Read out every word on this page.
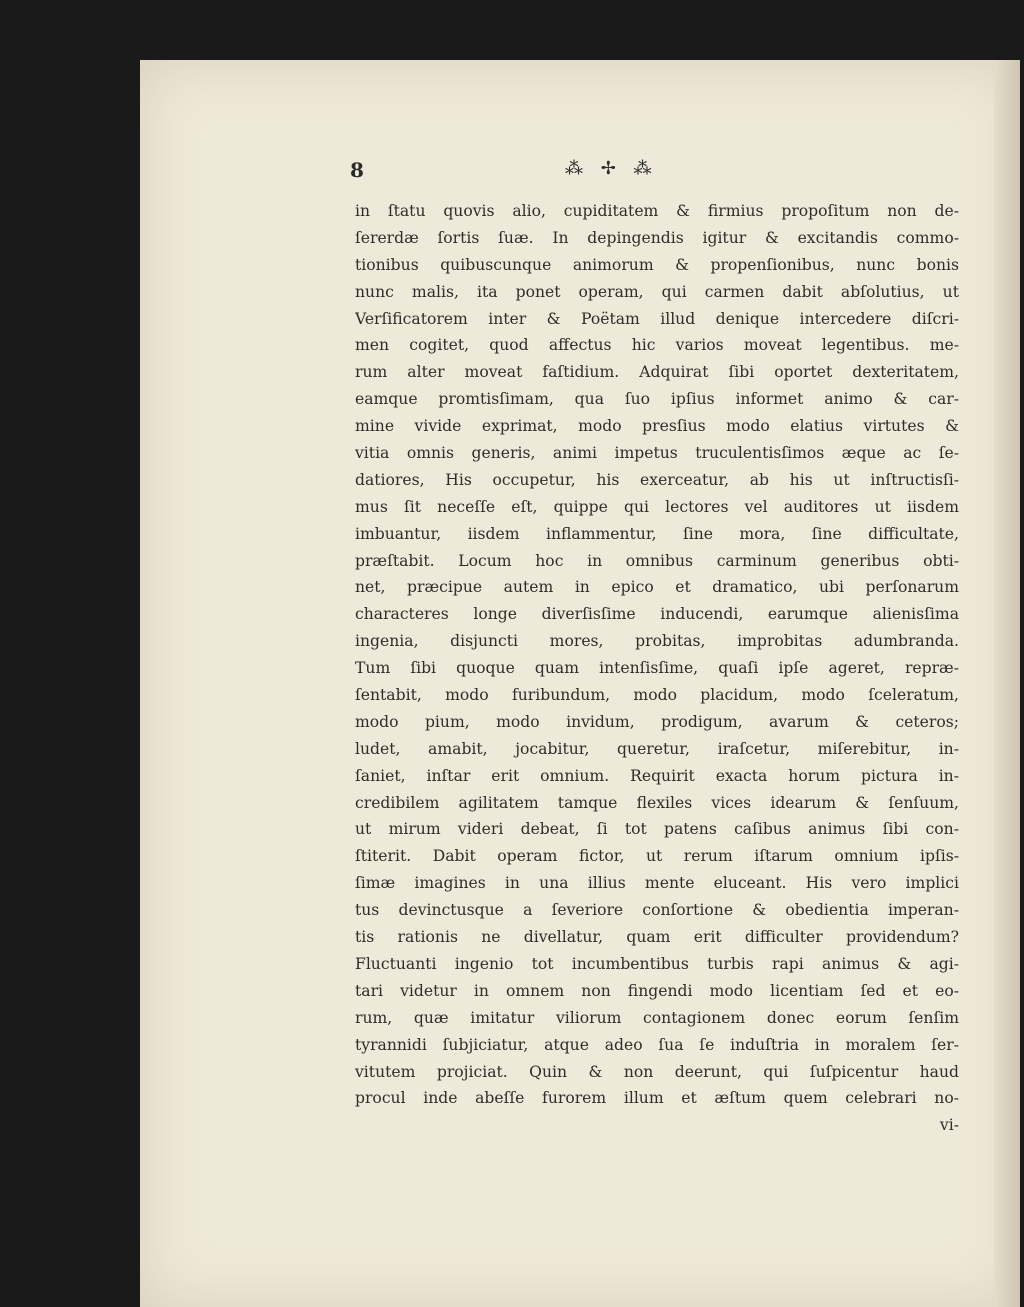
8	⁂ ✢ ⁂
in ſtatu quovis alio, cupiditatem & firmius propoſitum non de-
ſererdæ ſortis ſuæ. In depingendis igitur & excitandis commo-
tionibus quibuscunque animorum & propenſionibus, nunc bonis
nunc malis, ita ponet operam, qui carmen dabit abſolutius, ut
Verſificatorem inter & Poëtam illud denique intercedere diſcri-
men cogitet, quod affectus hic varios moveat legentibus. me-
rum alter moveat faſtidium. Adquirat ſibi oportet dexteritatem,
eamque promtisſimam, qua ſuo ipſius informet animo & car-
mine vivide exprimat, modo presſius modo elatius virtutes &
vitia omnis generis, animi impetus truculentisſimos æque ac ſe-
datiores, His occupetur, his exerceatur, ab his ut inſtructisſi-
mus ſit neceſſe eſt, quippe qui lectores vel auditores ut iisdem
imbuantur, iisdem inflammentur, ſine mora, ſine difficultate,
præſtabit. Locum hoc in omnibus carminum generibus obti-
net, præcipue autem in epico et dramatico, ubi perſonarum
characteres longe diverſisſime inducendi, earumque alienisſima
ingenia, disjuncti mores, probitas, improbitas adumbranda.
Tum ſibi quoque quam intenſisſime, quaſi ipſe ageret, repræ-
ſentabit, modo furibundum, modo placidum, modo ſceleratum,
modo pium, modo invidum, prodigum, avarum & ceteros;
ludet, amabit, jocabitur, queretur, iraſcetur, miſerebitur, in-
ſaniet, inſtar erit omnium. Requirit exacta horum pictura in-
credibilem agilitatem tamque flexiles vices idearum & ſenſuum,
ut mirum videri debeat, ſi tot patens caſibus animus ſibi con-
ſtiterit. Dabit operam fictor, ut rerum iſtarum omnium ipſis-
ſimæ imagines in una illius mente eluceant. His vero implici
tus devinctusque a ſeveriore conſortione & obedientia imperan-
tis rationis ne divellatur, quam erit difficulter providendum?
Fluctuanti ingenio tot incumbentibus turbis rapi animus & agi-
tari videtur in omnem non fingendi modo licentiam ſed et eo-
rum, quæ imitatur viliorum contagionem donec eorum ſenſim
tyrannidi ſubjiciatur, atque adeo ſua ſe induſtria in moralem ſer-
vitutem projiciat. Quin & non deerunt, qui ſuſpicentur haud
procul inde abeſſe furorem illum et æſtum quem celebrari no-
vi-
